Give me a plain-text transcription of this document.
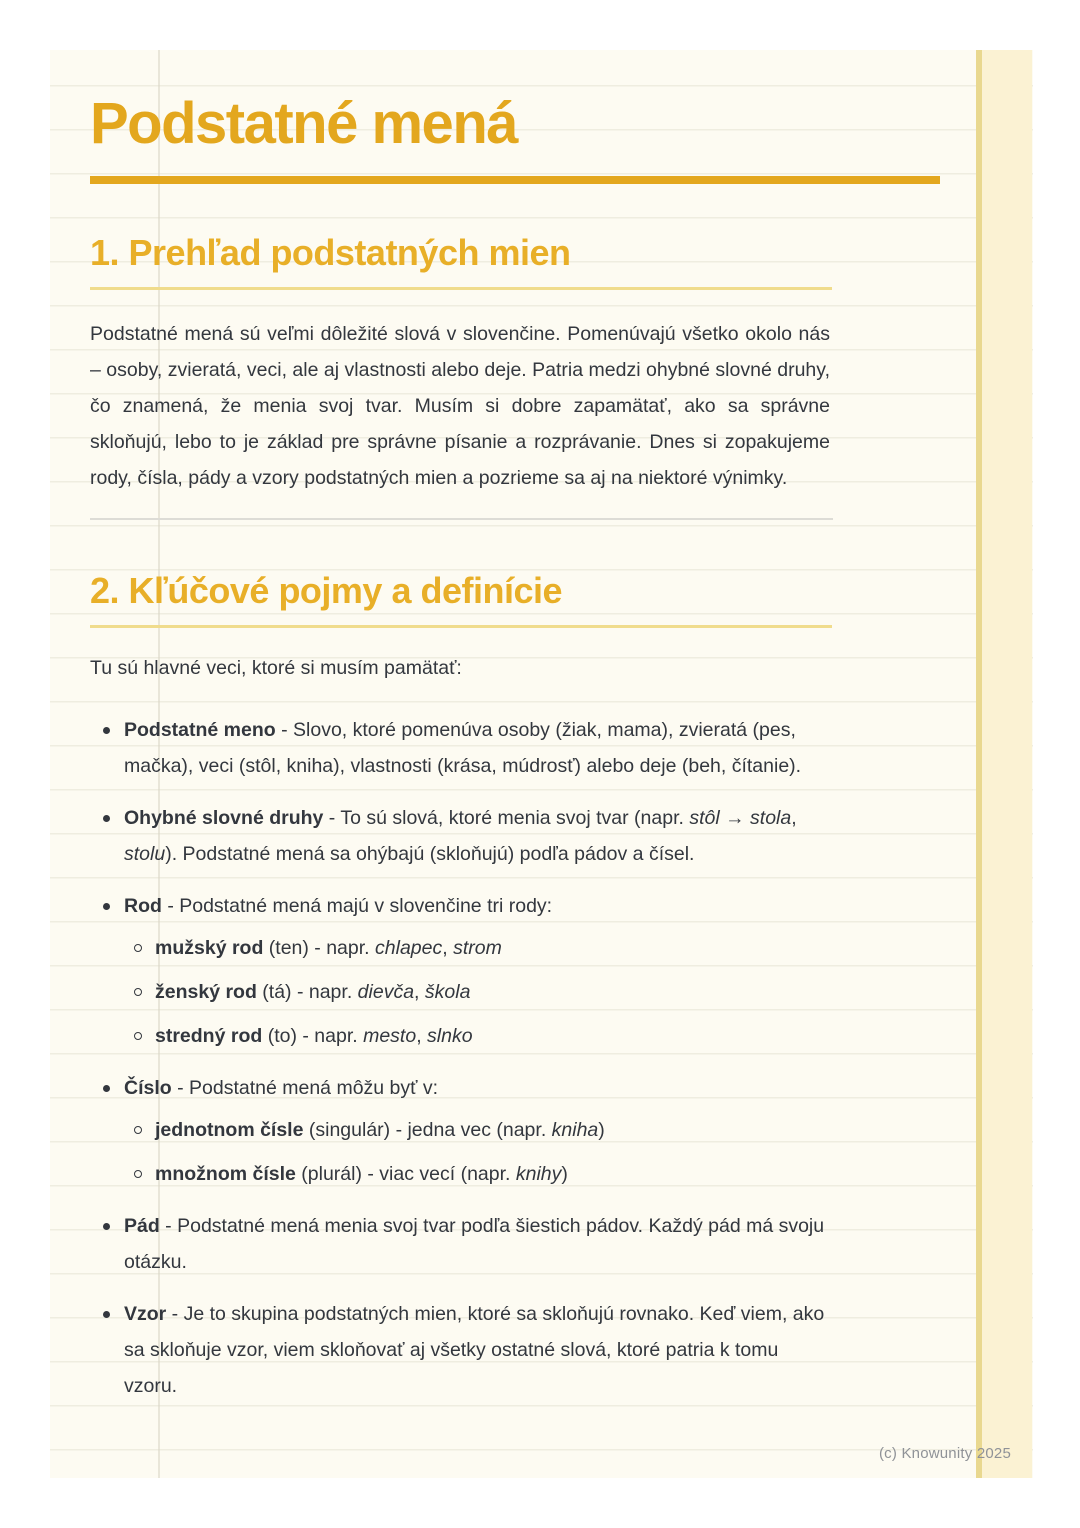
Podstatné mená
1. Prehľad podstatných mien

Podstatné mená sú veľmi dôležité slová v slovenčine. Pomenúvajú všetko okolo nás – osoby, zvieratá, veci, ale aj vlastnosti alebo deje. Patria medzi ohybné slovné druhy, čo znamená, že menia svoj tvar. Musím si dobre zapamätať, ako sa správne skloňujú, lebo to je základ pre správne písanie a rozprávanie. Dnes si zopakujeme rody, čísla, pády a vzory podstatných mien a pozrieme sa aj na niektoré výnimky.

2. Kľúčové pojmy a definície

Tu sú hlavné veci, ktoré si musím pamätať:

Podstatné meno - Slovo, ktoré pomenúva osoby (žiak, mama), zvieratá (pes, mačka), veci (stôl, kniha), vlastnosti (krása, múdrosť) alebo deje (beh, čítanie).
Ohybné slovné druhy - To sú slová, ktoré menia svoj tvar (napr. stôl → stola, stolu). Podstatné mená sa ohýbajú (skloňujú) podľa pádov a čísel.
Rod - Podstatné mená majú v slovenčine tri rody:
mužský rod (ten) - napr. chlapec, strom
ženský rod (tá) - napr. dievča, škola
stredný rod (to) - napr. mesto, slnko
Číslo - Podstatné mená môžu byť v:
jednotnom čísle (singulár) - jedna vec (napr. kniha)
množnom čísle (plurál) - viac vecí (napr. knihy)
Pád - Podstatné mená menia svoj tvar podľa šiestich pádov. Každý pád má svoju otázku.
Vzor - Je to skupina podstatných mien, ktoré sa skloňujú rovnako. Keď viem, ako sa skloňuje vzor, viem skloňovať aj všetky ostatné slová, ktoré patria k tomu vzoru.
(c) Knowunity 2025
